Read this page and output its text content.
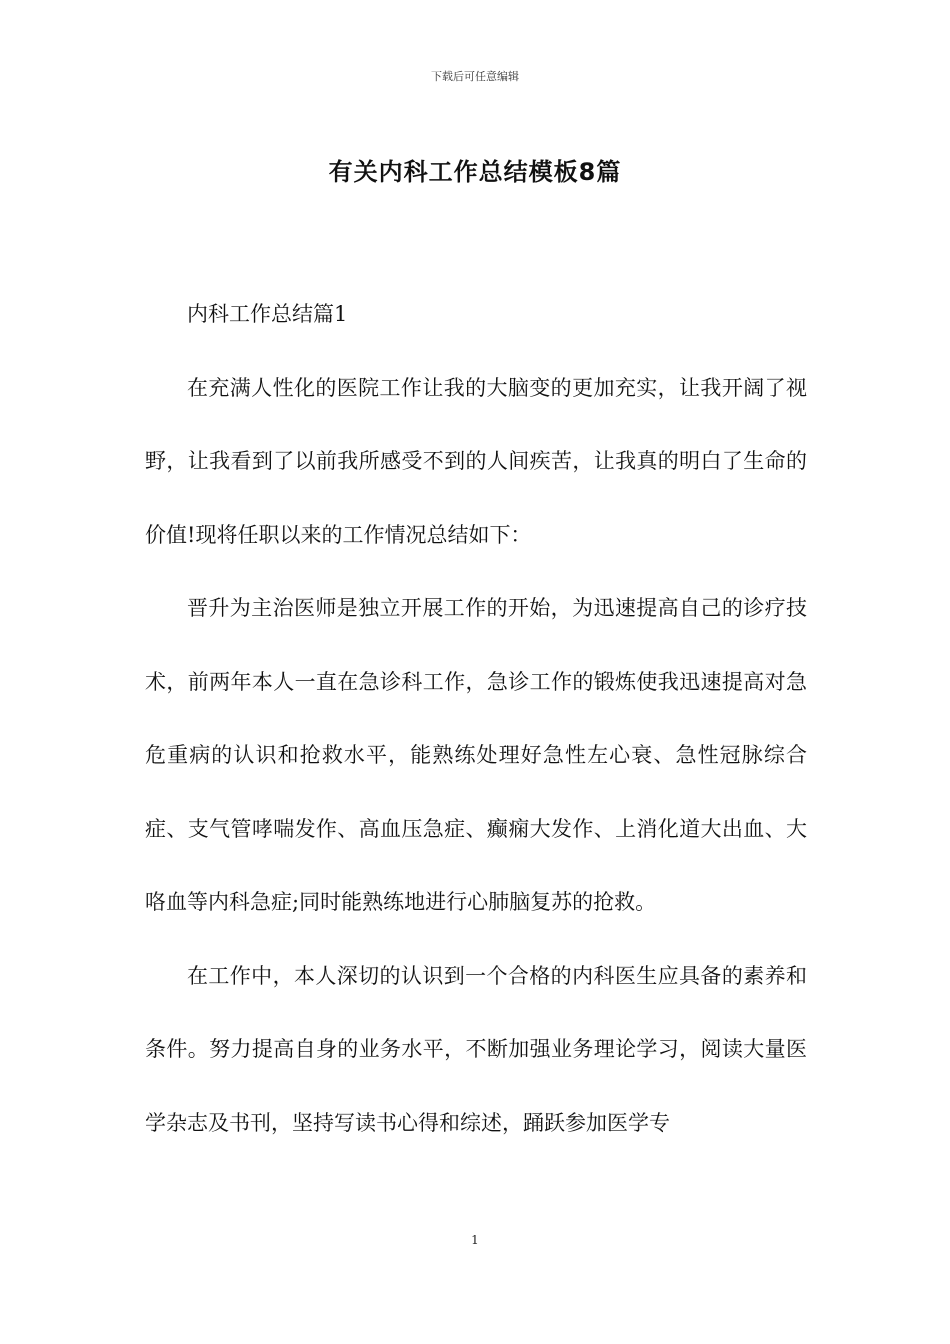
下载后可任意编辑
有关内科工作总结模板8篇

内科工作总结篇1

在充满人性化的医院工作让我的大脑变的更加充实，让我开阔了视野，让我看到了以前我所感受不到的人间疾苦，让我真的明白了生命的价值!现将任职以来的工作情况总结如下：

晋升为主治医师是独立开展工作的开始，为迅速提高自己的诊疗技术，前两年本人一直在急诊科工作，急诊工作的锻炼使我迅速提高对急危重病的认识和抢救水平，能熟练处理好急性左心衰、急性冠脉综合症、支气管哮喘发作、高血压急症、癫痫大发作、上消化道大出血、大咯血等内科急症;同时能熟练地进行心肺脑复苏的抢救。

在工作中，本人深切的认识到一个合格的内科医生应具备的素养和条件。努力提高自身的业务水平，不断加强业务理论学习，阅读大量医学杂志及书刊，坚持写读书心得和综述，踊跃参加医学专

1
